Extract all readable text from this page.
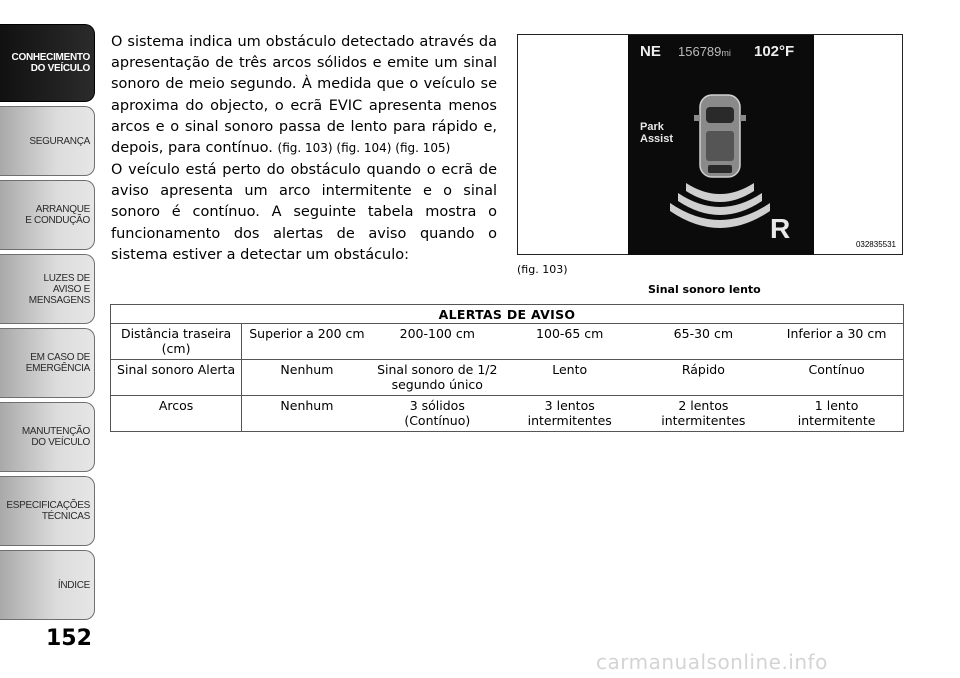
CONHECIMENTO
DO VEÍCULO
SEGURANÇA
ARRANQUE
E CONDUÇÃO
LUZES DE
AVISO E
MENSAGENS
EM CASO DE
EMERGÊNCIA
MANUTENÇÃO
DO VEÍCULO
ESPECIFICAÇÕES
TÉCNICAS
ÍNDICE
152

O sistema indica um obstáculo detectado através da apresentação de três arcos sólidos e emite um sinal sonoro de meio segundo. À medida que o veículo se aproxima do objecto, o ecrã EVIC apresenta menos arcos e o sinal sonoro passa de lento para rápido e, depois, para contínuo. (fig. 103) (fig. 104) (fig. 105)

O veículo está perto do obstáculo quando o ecrã de aviso apresenta um arco intermitente e o sinal sonoro é contínuo. A seguinte tabela mostra o funcionamento dos alertas de aviso quando o sistema estiver a detectar um obstáculo:

NE 156789mi 102°F
Park
Assist
R
032835531
(fig. 103)
Sinal sonoro lento
ALERTAS DE AVISO					
Distância traseira (cm)	Superior a 200 cm	200-100 cm	100-65 cm	65-30 cm	Inferior a 30 cm
Sinal sonoro Alerta	Nenhum	Sinal sonoro de 1/2 segundo único	Lento	Rápido	Contínuo
Arcos	Nenhum	3 sólidos (Contínuo)	3 lentos intermitentes	2 lentos intermitentes	1 lento intermitente
carmanualsonline.info
